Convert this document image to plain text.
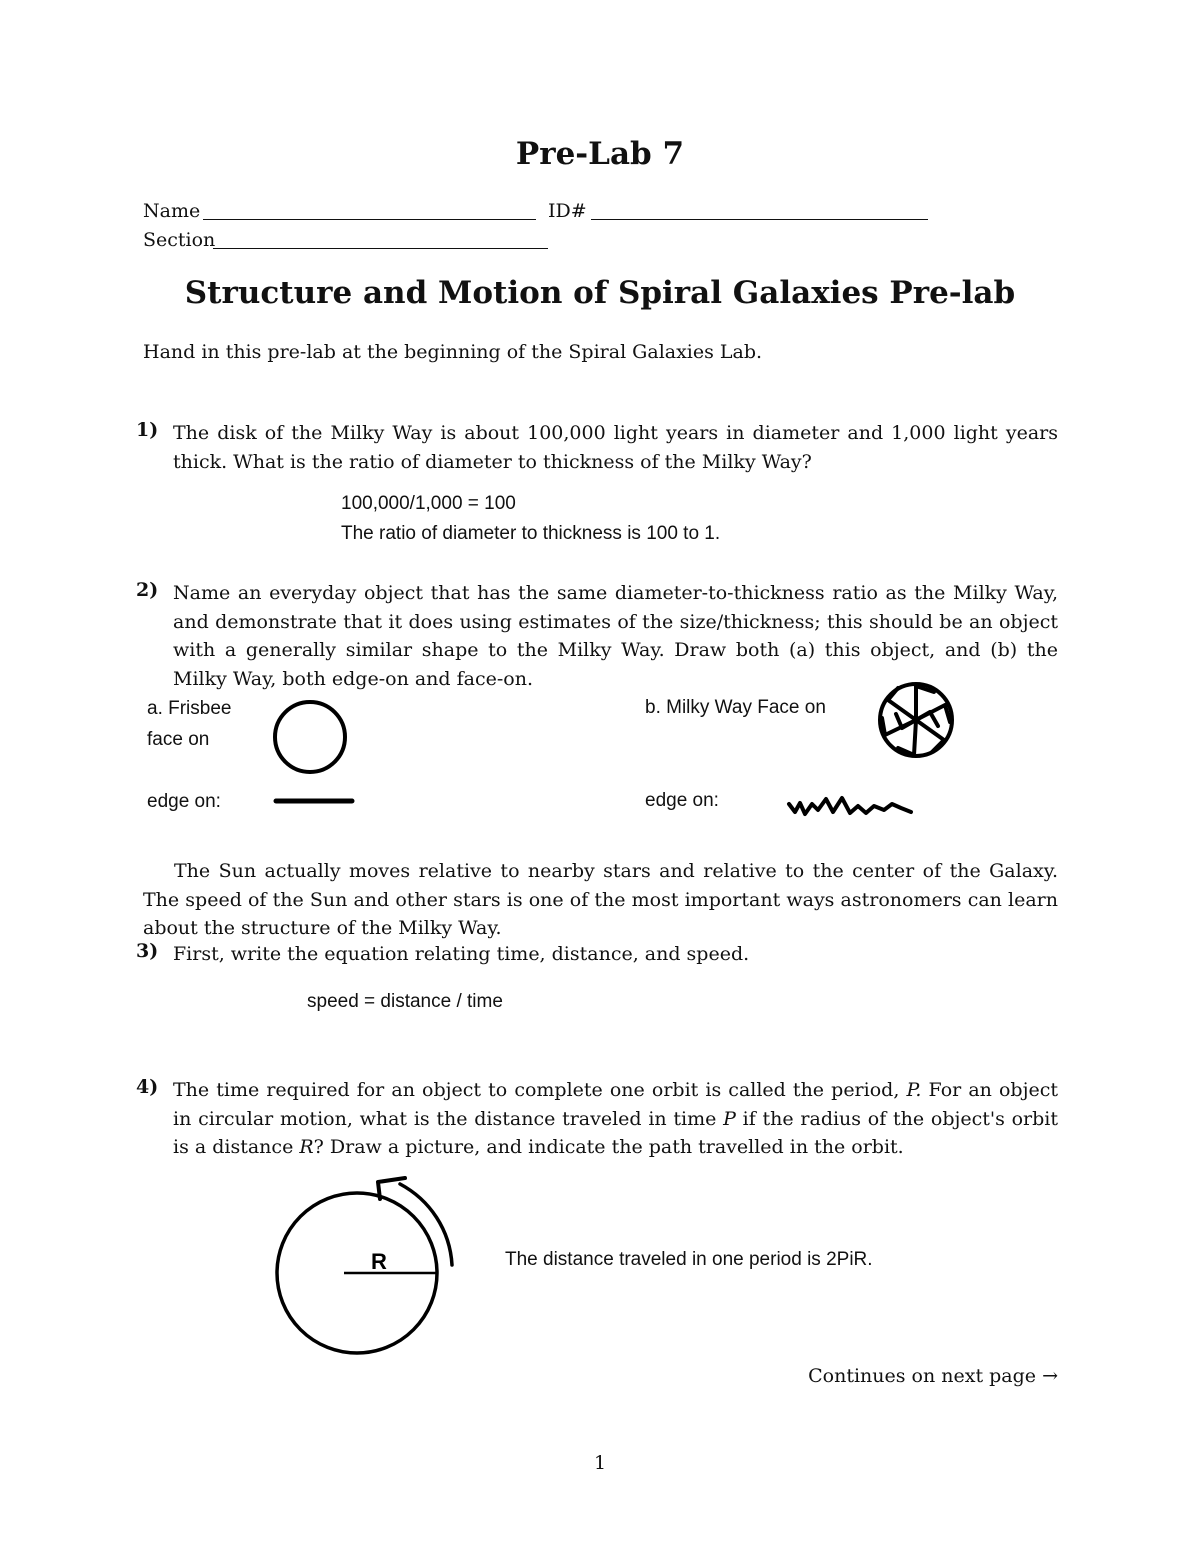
Pre-Lab 7
Name	ID#
Section
Structure and Motion of Spiral Galaxies Pre-lab
Hand in this pre-lab at the beginning of the Spiral Galaxies Lab.
1) The disk of the Milky Way is about 100,000 light years in diameter and 1,000 light years thick. What is the ratio of diameter to thickness of the Milky Way?
100,000/1,000 = 100
The ratio of diameter to thickness is 100 to 1.
2) Name an everyday object that has the same diameter-to-thickness ratio as the Milky Way, and demonstrate that it does using estimates of the size/thickness; this should be an object with a generally similar shape to the Milky Way. Draw both (a) this object, and (b) the Milky Way, both edge-on and face-on.
a. Frisbee
face on
edge on:
b. Milky Way Face on
edge on:
The Sun actually moves relative to nearby stars and relative to the center of the Galaxy. The speed of the Sun and other stars is one of the most important ways astronomers can learn about the structure of the Milky Way.
3) First, write the equation relating time, distance, and speed.
speed = distance / time
4) The time required for an object to complete one orbit is called the period, P. For an object in circular motion, what is the distance traveled in time P if the radius of the object's orbit is a distance R? Draw a picture, and indicate the path travelled in the orbit.
R	The distance traveled in one period is 2PiR.
Continues on next page →
1
